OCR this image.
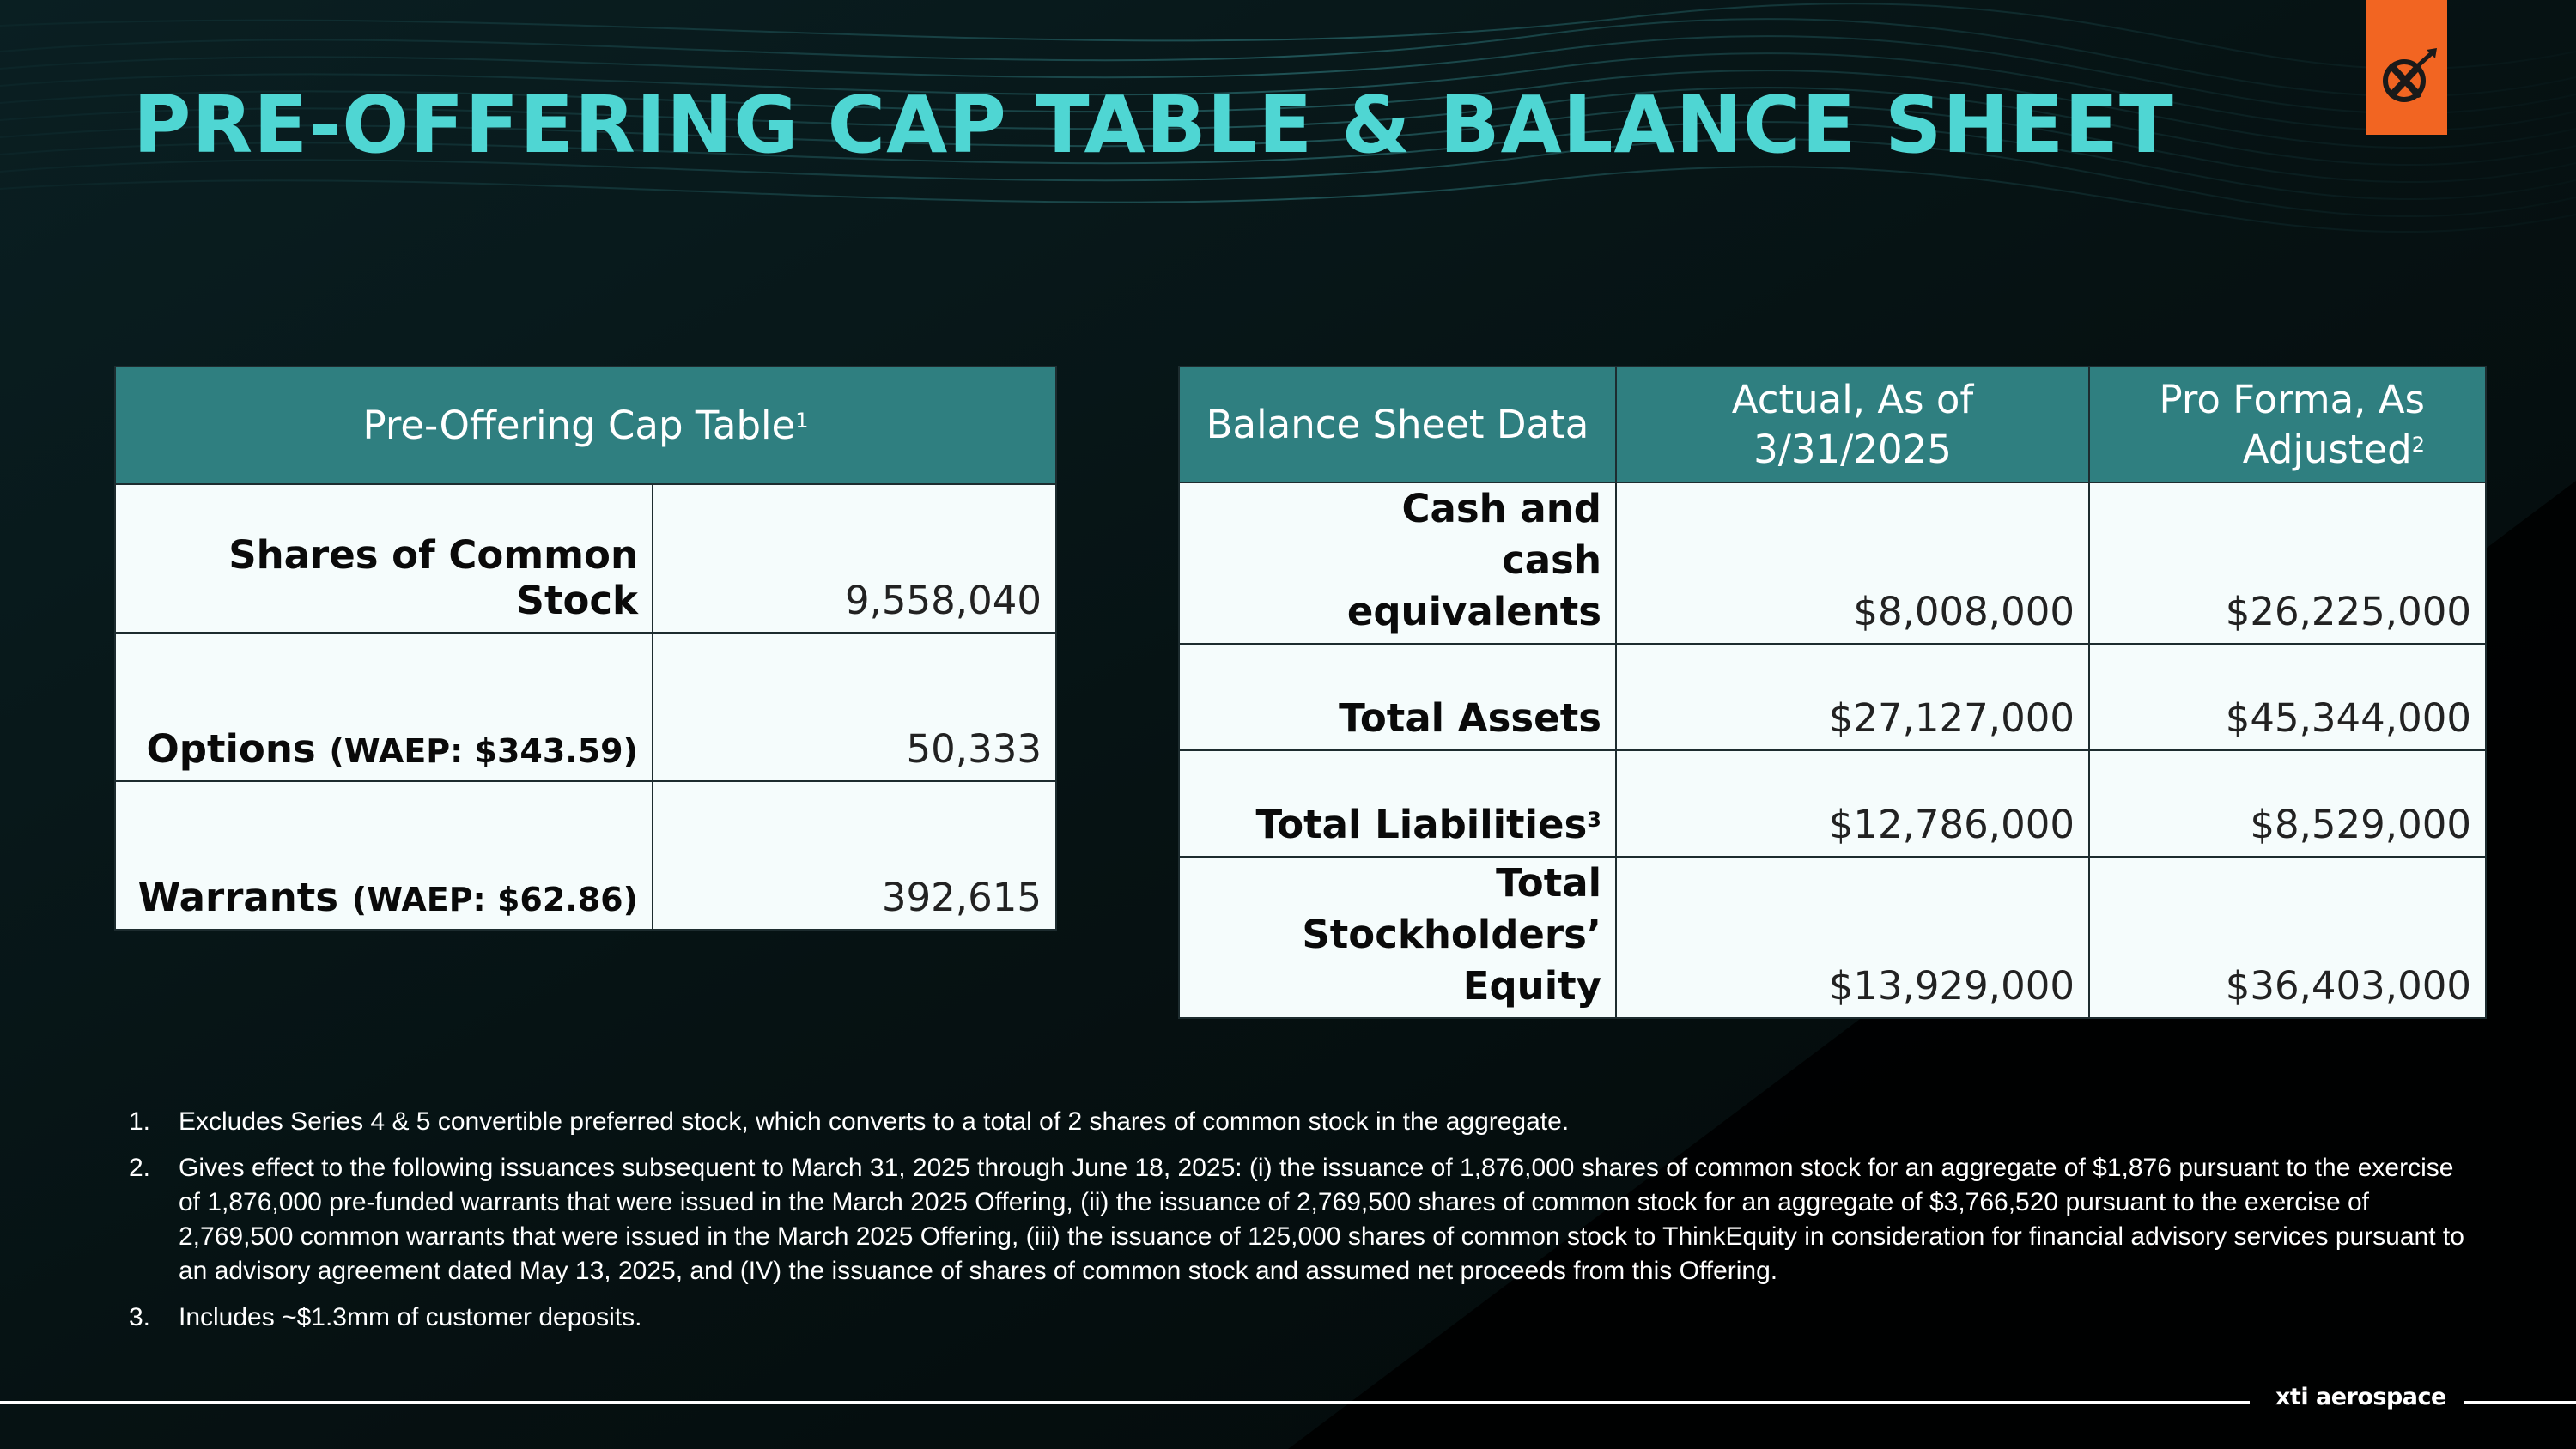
PRE-OFFERING CAP TABLE & BALANCE SHEET
Pre-Offering Cap Table$^1$
Shares of Common Stock	9,558,040
Options (WAEP: $343.59)	50,333
Warrants (WAEP: $62.86)	392,615
Balance Sheet Data	Actual, As of 3/31/2025	Pro Forma, As Adjusted$^2$
Cash and cash equivalents	$8,008,000	$26,225,000
Total Assets	$27,127,000	$45,344,000
Total Liabilities$^3$	$12,786,000	$8,529,000
Total Stockholders’ Equity	$13,929,000	$36,403,000
1. Excludes Series 4 & 5 convertible preferred stock, which converts to a total of 2 shares of common stock in the aggregate.
2. Gives effect to the following issuances subsequent to March 31, 2025 through June 18, 2025: (i) the issuance of 1,876,000 shares of common stock for an aggregate of $1,876 pursuant to the exercise of 1,876,000 pre-funded warrants that were issued in the March 2025 Offering, (ii) the issuance of 2,769,500 shares of common stock for an aggregate of $3,766,520 pursuant to the exercise of 2,769,500 common warrants that were issued in the March 2025 Offering, (iii) the issuance of 125,000 shares of common stock to ThinkEquity in consideration for financial advisory services pursuant to an advisory agreement dated May 13, 2025, and (IV) the issuance of shares of common stock and assumed net proceeds from this Offering.
3. Includes ~$1.3mm of customer deposits.
xti aerospace
